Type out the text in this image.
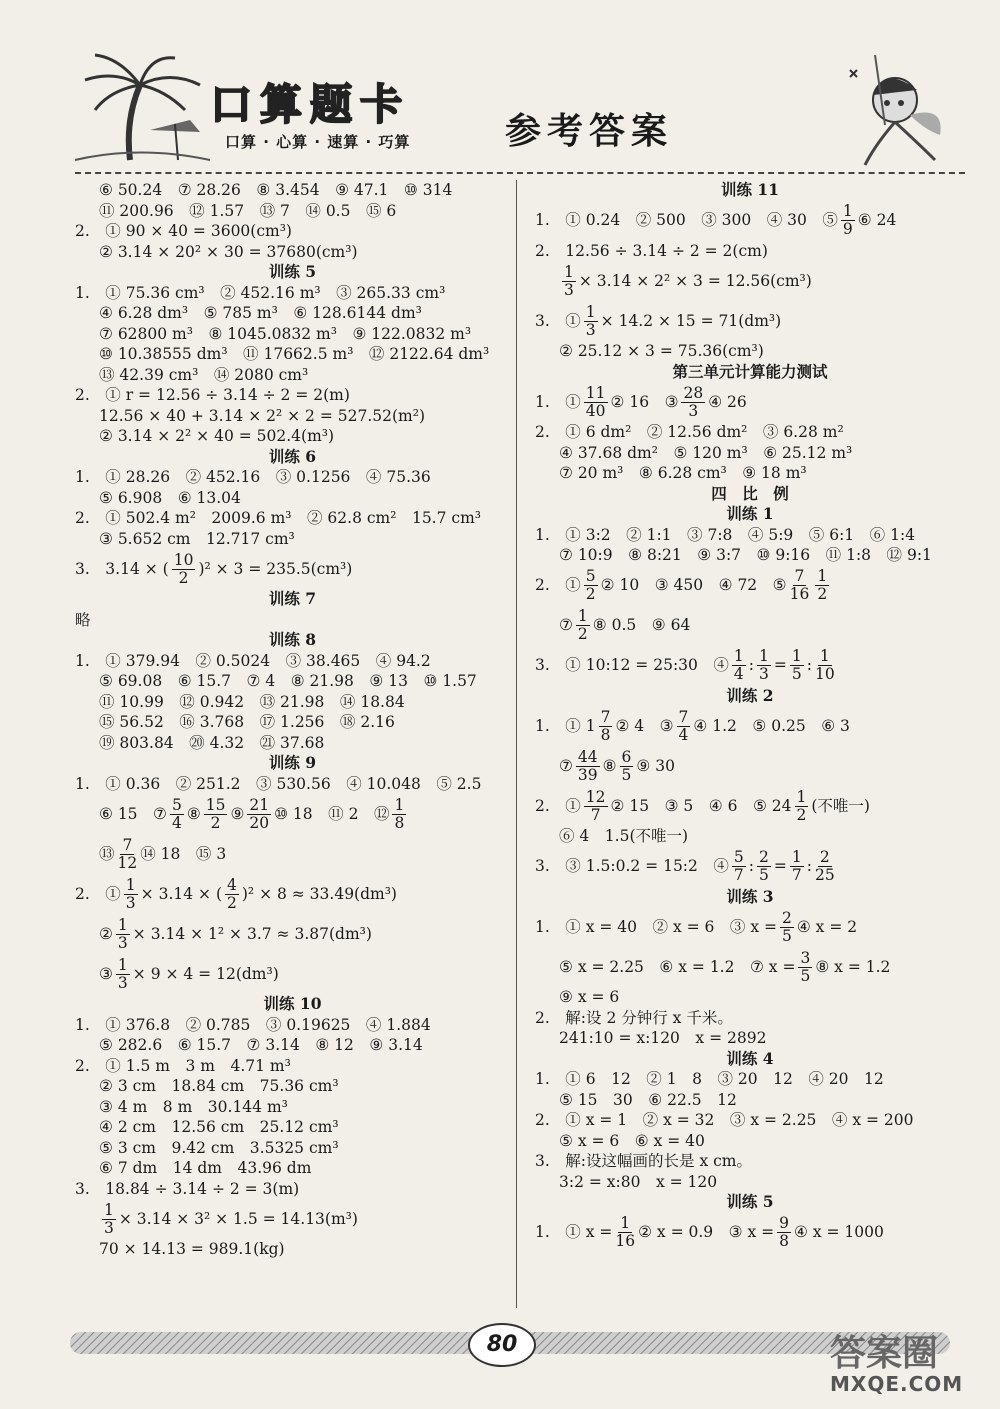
口算题卡
口算 · 心算 · 速算 · 巧算	参考答案
⑥ 50.24　⑦ 28.26　⑧ 3.454　⑨ 47.1　⑩ 314
⑪ 200.96　⑫ 1.57　⑬ 7　⑭ 0.5　⑮ 6
2.　① 90 × 40 = 3600(cm³)
② 3.14 × 20² × 30 = 37680(cm³)
训练 5
1.　① 75.36 cm³　② 452.16 m³　③ 265.33 cm³
④ 6.28 dm³　⑤ 785 m³　⑥ 128.6144 dm³
⑦ 62800 m³　⑧ 1045.0832 m³　⑨ 122.0832 m³
⑩ 10.38555 dm³　⑪ 17662.5 m³　⑫ 2122.64 dm³
⑬ 42.39 cm³　⑭ 2080 cm³
2.　① r = 12.56 ÷ 3.14 ÷ 2 = 2(m)
12.56 × 40 + 3.14 × 2² × 2 = 527.52(m²)
② 3.14 × 2² × 40 = 502.4(m³)
训练 6
1.　① 28.26　② 452.16　③ 0.1256　④ 75.36
⑤ 6.908　⑥ 13.04
2.　① 502.4 m²　2009.6 m³　② 62.8 cm²　15.7 cm³
③ 5.652 cm　12.717 cm³
3.　3.14 × ( $\frac{10}{2} )^2 \times 3 = 235.5(cm^3)$
训练 7
略
训练 8
1.　① 379.94　② 0.5024　③ 38.465　④ 94.2
⑤ 69.08　⑥ 15.7　⑦ 4　⑧ 21.98　⑨ 13　⑩ 1.57
⑪ 10.99　⑫ 0.942　⑬ 21.98　⑭ 18.84
⑮ 56.52　⑯ 3.768　⑰ 1.256　⑱ 2.16
⑲ 803.84　⑳ 4.32　㉑ 37.68
训练 9
1.　① 0.36　② 251.2　③ 530.56　④ 10.048　⑤ 2.5
⑥ 15　⑦ $\frac{5}{4}$ ⑧ $\frac{15}{2}$ ⑨ $\frac{21}{20}$ ⑩ 18　⑪ 2　⑫ $\frac{1}{8}$
⑬ $\frac{7}{12}$ ⑭ 18　⑮ 3
2.　① $\frac{1}{3} \times 3.14$ × ( $\frac{4}{2} )^2 \times 8 \approx 33.49(dm^3)$
② $\frac{1}{3} \times 3.14 \times 1^2 \times 3.7 \approx 3.87(dm^3)$
③ $\frac{1}{3} \times 9 \times 4 = 12(dm^3)$
训练 10
1.　① 376.8　② 0.785　③ 0.19625　④ 1.884
⑤ 282.6　⑥ 15.7　⑦ 3.14　⑧ 12　⑨ 3.14
2.　① 1.5 m　3 m　4.71 m³
② 3 cm　18.84 cm　75.36 cm³
③ 4 m　8 m　30.144 m³
④ 2 cm　12.56 cm　25.12 cm³
⑤ 3 cm　9.42 cm　3.5325 cm³
⑥ 7 dm　14 dm　43.96 dm
3.　18.84 ÷ 3.14 ÷ 2 = 3(m)
$\frac{1}{3} \times 3.14 \times 3^2 \times 1.5 = 14.13(m^3)$
70 × 14.13 = 989.1(kg)
训练 11
1.　① 0.24　② 500　③ 300　④ 30　⑤ $\frac{1}{9}$ ⑥ 24
2.　12.56 ÷ 3.14 ÷ 2 = 2(cm)
$\frac{1}{3} \times 3.14 \times 2^2 \times 3 = 12.56(cm^3)$
3.　① $\frac{1}{3} \times 14.2 \times 15 = 71(dm^3)$
② 25.12 × 3 = 75.36(cm³)
第三单元计算能力测试
1.　① $\frac{11}{40}$ ② 16　③ $\frac{28}{3}$ ④ 26
2.　① 6 dm²　② 12.56 dm²　③ 6.28 m²
④ 37.68 dm²　⑤ 120 m³　⑥ 25.12 m³
⑦ 20 m³　⑧ 6.28 cm³　⑨ 18 m³
四　比　例
训练 1
1.　① 3:2　② 1:1　③ 7:8　④ 5:9　⑤ 6:1　⑥ 1:4
⑦ 10:9　⑧ 8:21　⑨ 3:7　⑩ 9:16　⑪ 1:8　⑫ 9:1
2.　① $\frac{5}{2}$ ② 10　③ 450　④ 72　⑤ $\frac{7}{16} \frac{1}{2}$
⑦ $\frac{1}{2}$ ⑧ 0.5　⑨ 64
3.　① 10:12 = 25:30　④ $\frac{1}{4}$ : $\frac{1}{3} = \frac{1}{5}$ : $\frac{1}{10}$
训练 2
1.　① $1 \frac{7}{8}$ ② 4　③ $\frac{7}{4}$ ④ 1.2　⑤ 0.25　⑥ 3
⑦ $\frac{44}{39}$ ⑧ $\frac{6}{5}$ ⑨ 30
2.　① $\frac{12}{7}$ ② 15　③ 5　④ 6　⑤ $24 \frac{1}{2}$ (不唯一)
⑥ 4　1.5(不唯一)
3.　③ 1.5:0.2 = 15:2　④ $\frac{5}{7}$ : $\frac{2}{5} = \frac{1}{7}$ : $\frac{2}{25}$
训练 3
1.　① x = 40　② x = 6　③ $x = \frac{2}{5}$ ④ x = 2
⑤ x = 2.25　⑥ x = 1.2　⑦ $x = \frac{3}{5}$ ⑧ x = 1.2
⑨ x = 6
2.　解:设 2 分钟行 x 千米。
241:10 = x:120　x = 2892
训练 4
1.　① 6　12　② 1　8　③ 20　12　④ 20　12
⑤ 15　30　⑥ 22.5　12
2.　① x = 1　② x = 32　③ x = 2.25　④ x = 200
⑤ x = 6　⑥ x = 40
3.　解:设这幅画的长是 x cm。
3:2 = x:80　x = 120
训练 5
1.　① $x = \frac{1}{16}$ ② x = 0.9　③ $x = \frac{9}{8}$ ④ x = 1000
80	答案圈
MXQE.COM
